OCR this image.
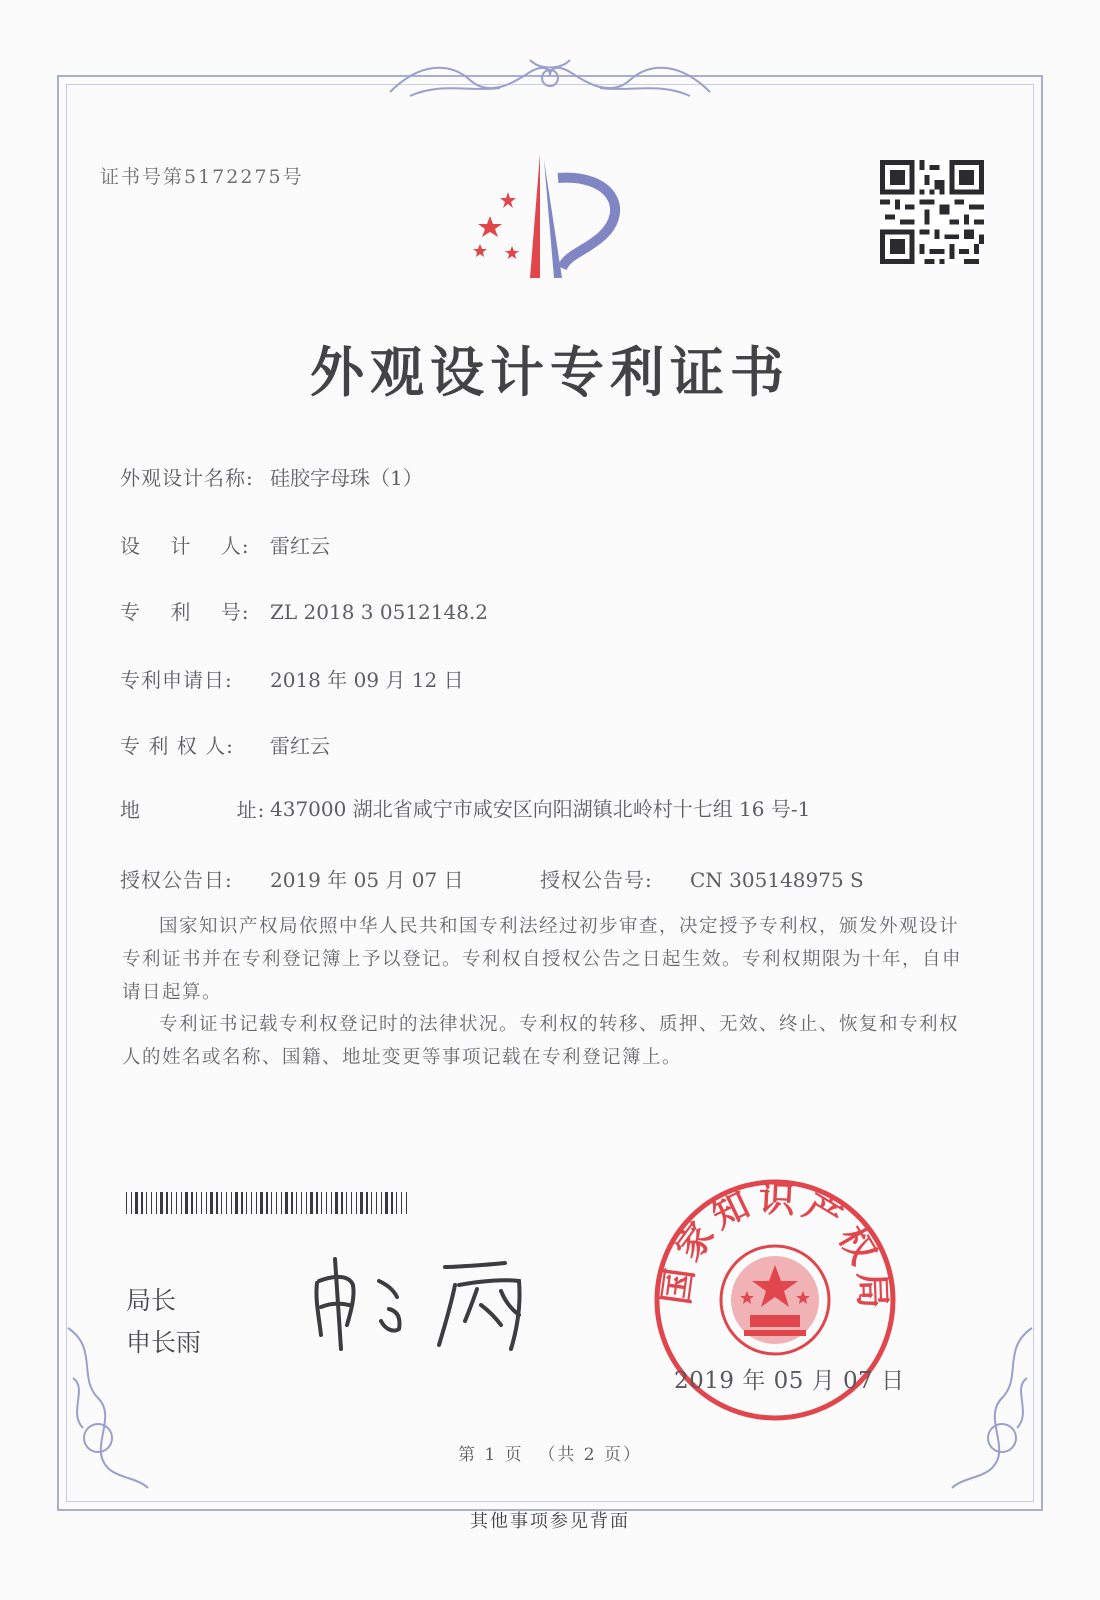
证书号第5172275号
外观设计专利证书
外观设计名称: 硅胶字母珠（1）
设    计    人: 雷红云
专    利    号: ZL 2018 3 0512148.2
专利申请日: 2018 年 09 月 12 日
专 利 权 人: 雷红云
地             址: 437000 湖北省咸宁市咸安区向阳湖镇北岭村十七组 16 号-1
授权公告日: 2019 年 05 月 07 日	授权公告号: CN 305148975 S
国家知识产权局依照中华人民共和国专利法经过初步审查，决定授予专利权，颁发外观设计专利证书并在专利登记簿上予以登记。专利权自授权公告之日起生效。专利权期限为十年，自申请日起算。
专利证书记载专利权登记时的法律状况。专利权的转移、质押、无效、终止、恢复和专利权人的姓名或名称、国籍、地址变更等事项记载在专利登记簿上。
局长
申长雨
国家知识产权局
2019 年 05 月 07 日
第 1 页  （共 2 页）
其他事项参见背面
